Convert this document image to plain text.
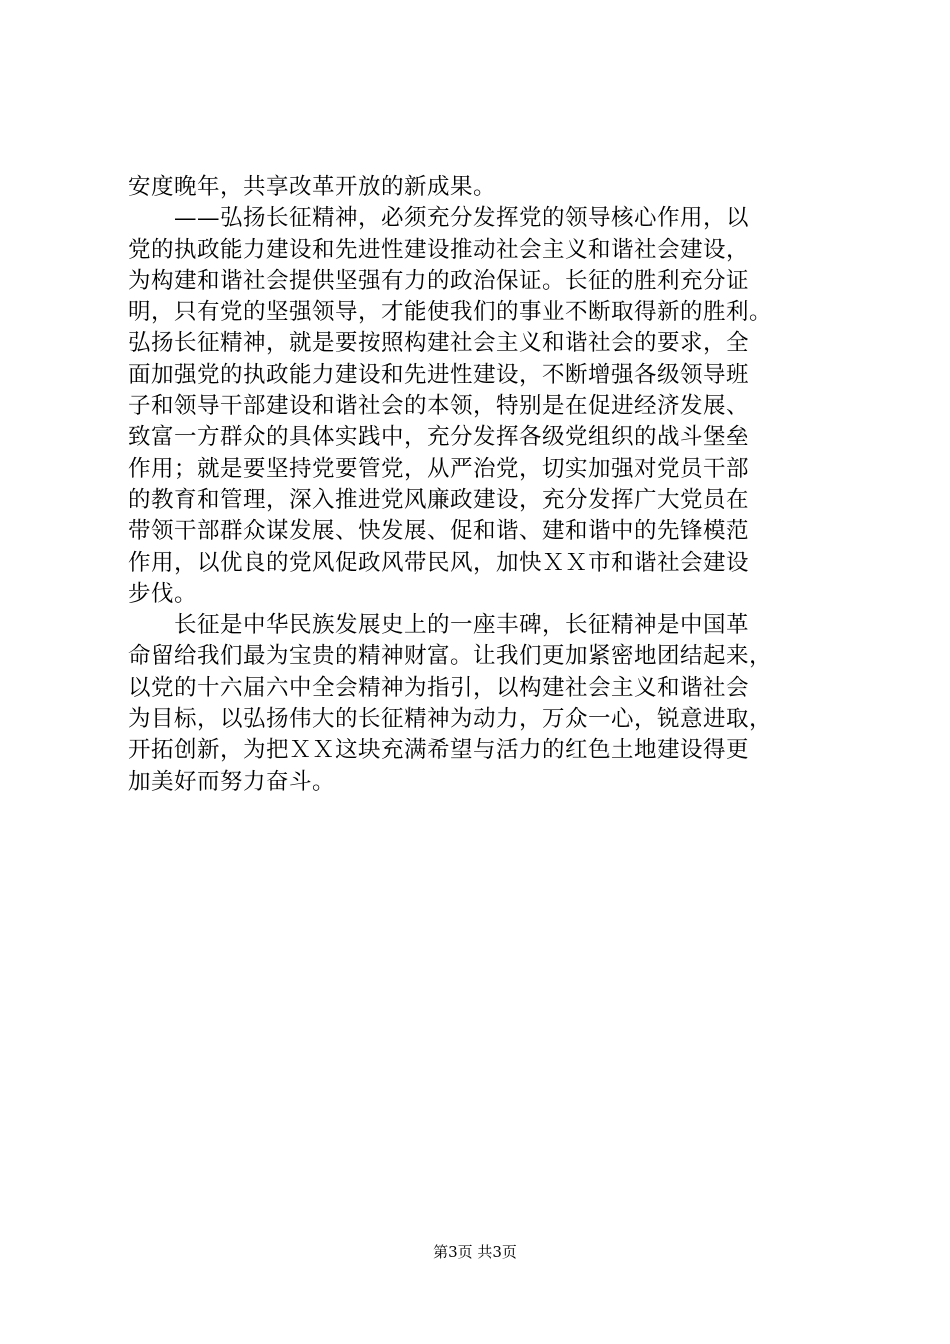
安度晚年，共享改革开放的新成果。
　　——弘扬长征精神，必须充分发挥党的领导核心作用，以
党的执政能力建设和先进性建设推动社会主义和谐社会建设，
为构建和谐社会提供坚强有力的政治保证。长征的胜利充分证
明，只有党的坚强领导，才能使我们的事业不断取得新的胜利。
弘扬长征精神，就是要按照构建社会主义和谐社会的要求，全
面加强党的执政能力建设和先进性建设，不断增强各级领导班
子和领导干部建设和谐社会的本领，特别是在促进经济发展、
致富一方群众的具体实践中，充分发挥各级党组织的战斗堡垒
作用；就是要坚持党要管党，从严治党，切实加强对党员干部
的教育和管理，深入推进党风廉政建设，充分发挥广大党员在
带领干部群众谋发展、快发展、促和谐、建和谐中的先锋模范
作用，以优良的党风促政风带民风，加快ＸＸ市和谐社会建设
步伐。
　　长征是中华民族发展史上的一座丰碑，长征精神是中国革
命留给我们最为宝贵的精神财富。让我们更加紧密地团结起来，
以党的十六届六中全会精神为指引，以构建社会主义和谐社会
为目标，以弘扬伟大的长征精神为动力，万众一心，锐意进取，
开拓创新，为把ＸＸ这块充满希望与活力的红色土地建设得更
加美好而努力奋斗。
第3页 共3页
